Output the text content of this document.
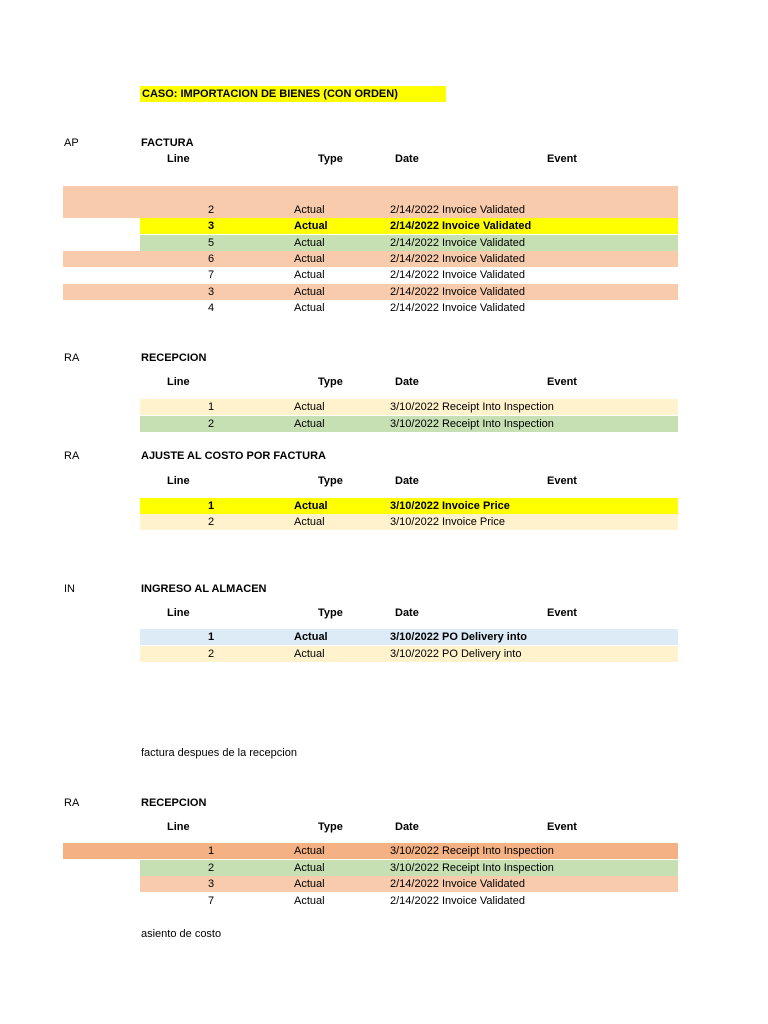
CASO: IMPORTACION DE BIENES (CON ORDEN)
AP	FACTURA
Line	Type	Date	Event
2	Actual	2/14/2022 Invoice Validated
3	Actual	2/14/2022 Invoice Validated
5	Actual	2/14/2022 Invoice Validated
6	Actual	2/14/2022 Invoice Validated
7	Actual	2/14/2022 Invoice Validated
3	Actual	2/14/2022 Invoice Validated
4	Actual	2/14/2022 Invoice Validated
RA	RECEPCION
Line	Type	Date	Event
1	Actual	3/10/2022 Receipt Into Inspection
2	Actual	3/10/2022 Receipt Into Inspection
RA	AJUSTE AL COSTO POR FACTURA
Line	Type	Date	Event
1	Actual	3/10/2022 Invoice Price
2	Actual	3/10/2022 Invoice Price
IN	INGRESO AL ALMACEN
Line	Type	Date	Event
1	Actual	3/10/2022 PO Delivery into
2	Actual	3/10/2022 PO Delivery into
factura despues de la recepcion
RA	RECEPCION
Line	Type	Date	Event
1	Actual	3/10/2022 Receipt Into Inspection
2	Actual	3/10/2022 Receipt Into Inspection
3	Actual	2/14/2022 Invoice Validated
7	Actual	2/14/2022 Invoice Validated
asiento de costo
